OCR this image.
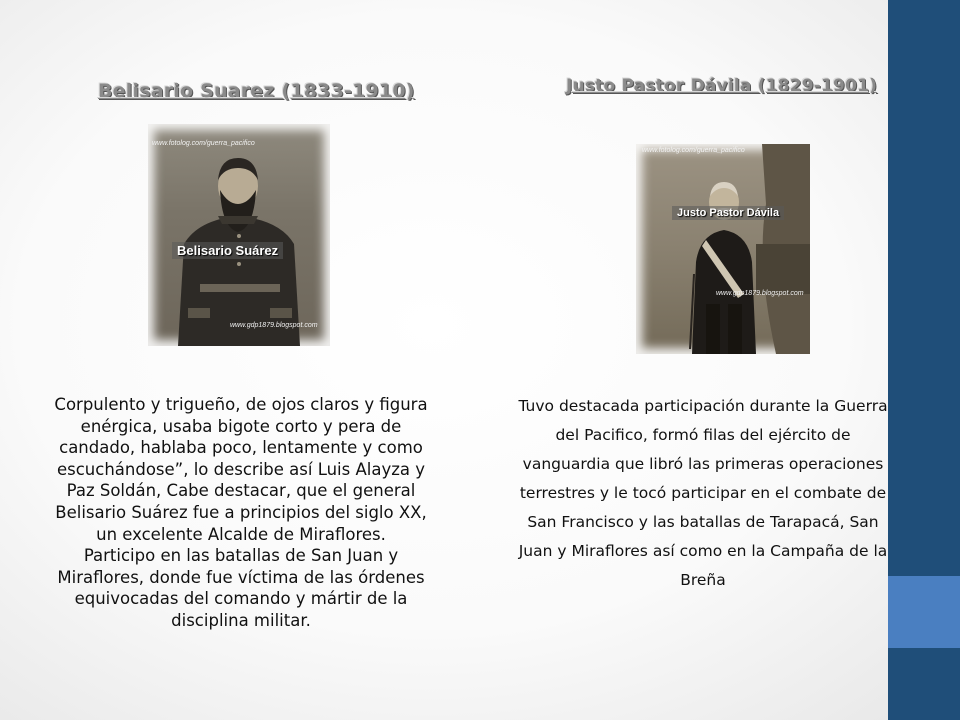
Belisario Suarez (1833-1910)
www.fotolog.com/guerra_pacifico
Belisario Suárez
www.gdp1879.blogspot.com

Corpulento y trigueño, de ojos claros y figura enérgica, usaba bigote corto y pera de candado, hablaba poco, lentamente y como escuchándose”, lo describe así Luis Alayza y Paz Soldán, Cabe destacar, que el general Belisario Suárez fue a principios del siglo XX, un excelente Alcalde de Miraflores.

Participo en las batallas de San Juan y Miraflores, donde fue víctima de las órdenes equivocadas del comando y mártir de la disciplina militar.

Justo Pastor Dávila (1829-1901)
www.fotolog.com/guerra_pacifico
Justo Pastor Dávila
www.gdp1879.blogspot.com

Tuvo destacada participación durante la Guerra del Pacifico, formó filas del ejército de vanguardia que libró las primeras operaciones terrestres y le tocó participar en el combate de San Francisco y las batallas de Tarapacá, San Juan y Miraflores así como en la Campaña de la Breña
